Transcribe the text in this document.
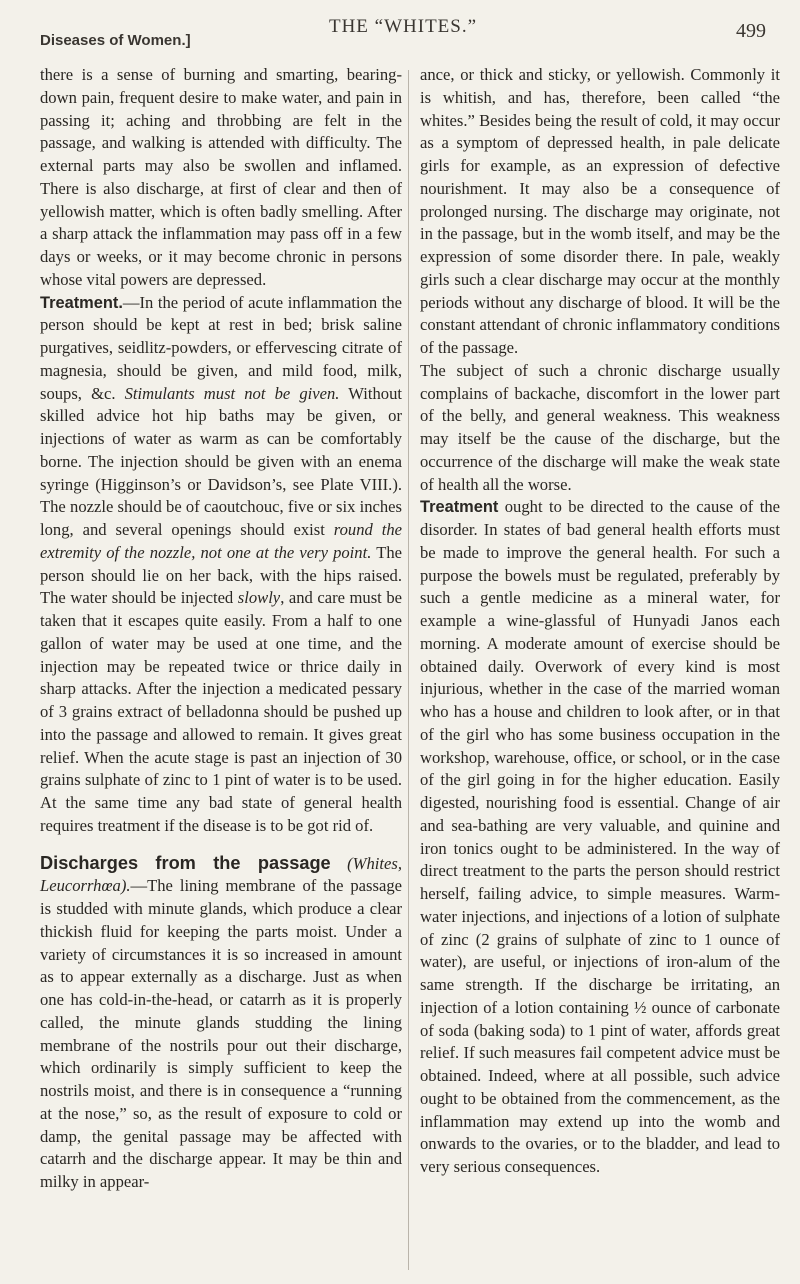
Diseases of Women.]
THE “WHITES.”	499

there is a sense of burning and smarting, bearing-down pain, frequent desire to make water, and pain in passing it; aching and throbbing are felt in the passage, and walking is attended with difficulty. The external parts may also be swollen and inflamed. There is also discharge, at first of clear and then of yellowish matter, which is often badly smelling. After a sharp attack the inflammation may pass off in a few days or weeks, or it may become chronic in persons whose vital powers are depressed.

Treatment.—In the period of acute inflammation the person should be kept at rest in bed; brisk saline purgatives, seidlitz-powders, or effervescing citrate of magnesia, should be given, and mild food, milk, soups, &c. Stimulants must not be given. Without skilled advice hot hip baths may be given, or injections of water as warm as can be comfortably borne. The injection should be given with an enema syringe (Higginson’s or Davidson’s, see Plate VIII.). The nozzle should be of caoutchouc, five or six inches long, and several openings should exist round the extremity of the nozzle, not one at the very point. The person should lie on her back, with the hips raised. The water should be injected slowly, and care must be taken that it escapes quite easily. From a half to one gallon of water may be used at one time, and the injection may be repeated twice or thrice daily in sharp attacks. After the injection a medicated pessary of 3 grains extract of belladonna should be pushed up into the passage and allowed to remain. It gives great relief. When the acute stage is past an injection of 30 grains sulphate of zinc to 1 pint of water is to be used. At the same time any bad state of general health requires treatment if the disease is to be got rid of.

Discharges from the passage (Whites, Leucorrhœa).—The lining membrane of the passage is studded with minute glands, which produce a clear thickish fluid for keeping the parts moist. Under a variety of circumstances it is so increased in amount as to appear externally as a discharge. Just as when one has cold-in-the-head, or catarrh as it is properly called, the minute glands studding the lining membrane of the nostrils pour out their discharge, which ordinarily is simply sufficient to keep the nostrils moist, and there is in consequence a “running at the nose,” so, as the result of exposure to cold or damp, the genital passage may be affected with catarrh and the discharge appear. It may be thin and milky in appear-

ance, or thick and sticky, or yellowish. Commonly it is whitish, and has, therefore, been called “the whites.” Besides being the result of cold, it may occur as a symptom of depressed health, in pale delicate girls for example, as an expression of defective nourishment. It may also be a consequence of prolonged nursing. The discharge may originate, not in the passage, but in the womb itself, and may be the expression of some disorder there. In pale, weakly girls such a clear discharge may occur at the monthly periods without any discharge of blood. It will be the constant attendant of chronic inflammatory conditions of the passage.

The subject of such a chronic discharge usually complains of backache, discomfort in the lower part of the belly, and general weakness. This weakness may itself be the cause of the discharge, but the occurrence of the discharge will make the weak state of health all the worse.

Treatment ought to be directed to the cause of the disorder. In states of bad general health efforts must be made to improve the general health. For such a purpose the bowels must be regulated, preferably by such a gentle medicine as a mineral water, for example a wine-glassful of Hunyadi Janos each morning. A moderate amount of exercise should be obtained daily. Overwork of every kind is most injurious, whether in the case of the married woman who has a house and children to look after, or in that of the girl who has some business occupation in the workshop, warehouse, office, or school, or in the case of the girl going in for the higher education. Easily digested, nourishing food is essential. Change of air and sea-bathing are very valuable, and quinine and iron tonics ought to be administered. In the way of direct treatment to the parts the person should restrict herself, failing advice, to simple measures. Warm-water injections, and injections of a lotion of sulphate of zinc (2 grains of sulphate of zinc to 1 ounce of water), are useful, or injections of iron-alum of the same strength. If the discharge be irritating, an injection of a lotion containing ½ ounce of carbonate of soda (baking soda) to 1 pint of water, affords great relief. If such measures fail competent advice must be obtained. Indeed, where at all possible, such advice ought to be obtained from the commencement, as the inflammation may extend up into the womb and onwards to the ovaries, or to the bladder, and lead to very serious consequences.
